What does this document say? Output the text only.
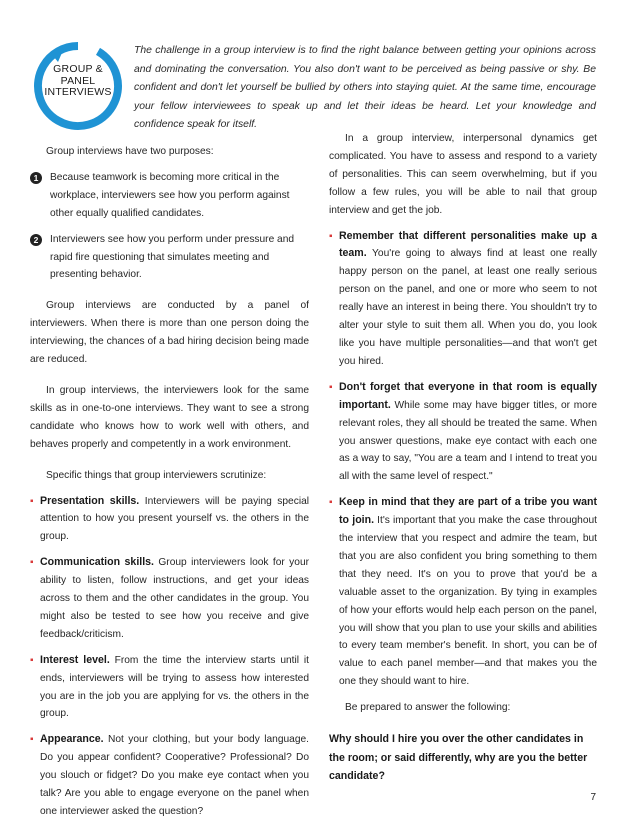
GROUP &
PANEL
INTERVIEWS
The challenge in a group interview is to find the right balance between getting your opinions across and dominating the conversation. You also don't want to be perceived as being passive or shy. Be confident and don't let yourself be bullied by others into staying quiet. At the same time, encourage your fellow interviewees to speak up and let their ideas be heard. Let your knowledge and confidence speak for itself.

Group interviews have two purposes:

1	Because teamwork is becoming more critical in the workplace, interviewers see how you perform against other equally qualified candidates.

2	Interviewers see how you perform under pressure and rapid fire questioning that simulates meeting and presenting behavior.

Group interviews are conducted by a panel of interviewers. When there is more than one person doing the interviewing, the chances of a bad hiring decision being made are reduced.

In group interviews, the interviewers look for the same skills as in one-to-one interviews. They want to see a strong candidate who knows how to work well with others, and behaves properly and competently in a work environment.

Specific things that group interviewers scrutinize:

▪ Presentation skills. Interviewers will be paying special attention to how you present yourself vs. the others in the group.

▪ Communication skills. Group interviewers look for your ability to listen, follow instructions, and get your ideas across to them and the other candidates in the group. You might also be tested to see how you receive and give feedback/criticism.

▪ Interest level. From the time the interview starts until it ends, interviewers will be trying to assess how interested you are in the job you are applying for vs. the others in the group.

▪ Appearance. Not your clothing, but your body language. Do you appear confident? Cooperative? Professional? Do you slouch or fidget? Do you make eye contact when you talk? Are you able to engage everyone on the panel when one interviewer asked the question?

In a group interview, interpersonal dynamics get complicated. You have to assess and respond to a variety of personalities. This can seem overwhelming, but if you follow a few rules, you will be able to nail that group interview and get the job.

▪ Remember that different personalities make up a team. You're going to always find at least one really happy person on the panel, at least one really serious person on the panel, and one or more who seem to not really have an interest in being there. You shouldn't try to alter your style to suit them all. When you do, you look like you have multiple personalities—and that won't get you hired.

▪ Don't forget that everyone in that room is equally important. While some may have bigger titles, or more relevant roles, they all should be treated the same. When you answer questions, make eye contact with each one as a way to say, "You are a team and I intend to treat you all with the same level of respect."

▪ Keep in mind that they are part of a tribe you want to join. It's important that you make the case throughout the interview that you respect and admire the team, but that you are also confident you bring something to them that they need. It's on you to prove that you'd be a valuable asset to the organization. By tying in examples of how your efforts would help each person on the panel, you will show that you plan to use your skills and abilities to every team member's benefit. In short, you can be of value to each panel member—and that makes you the one they should want to hire.

Be prepared to answer the following:

Why should I hire you over the other candidates in the room; or said differently, why are you the better candidate?

7
